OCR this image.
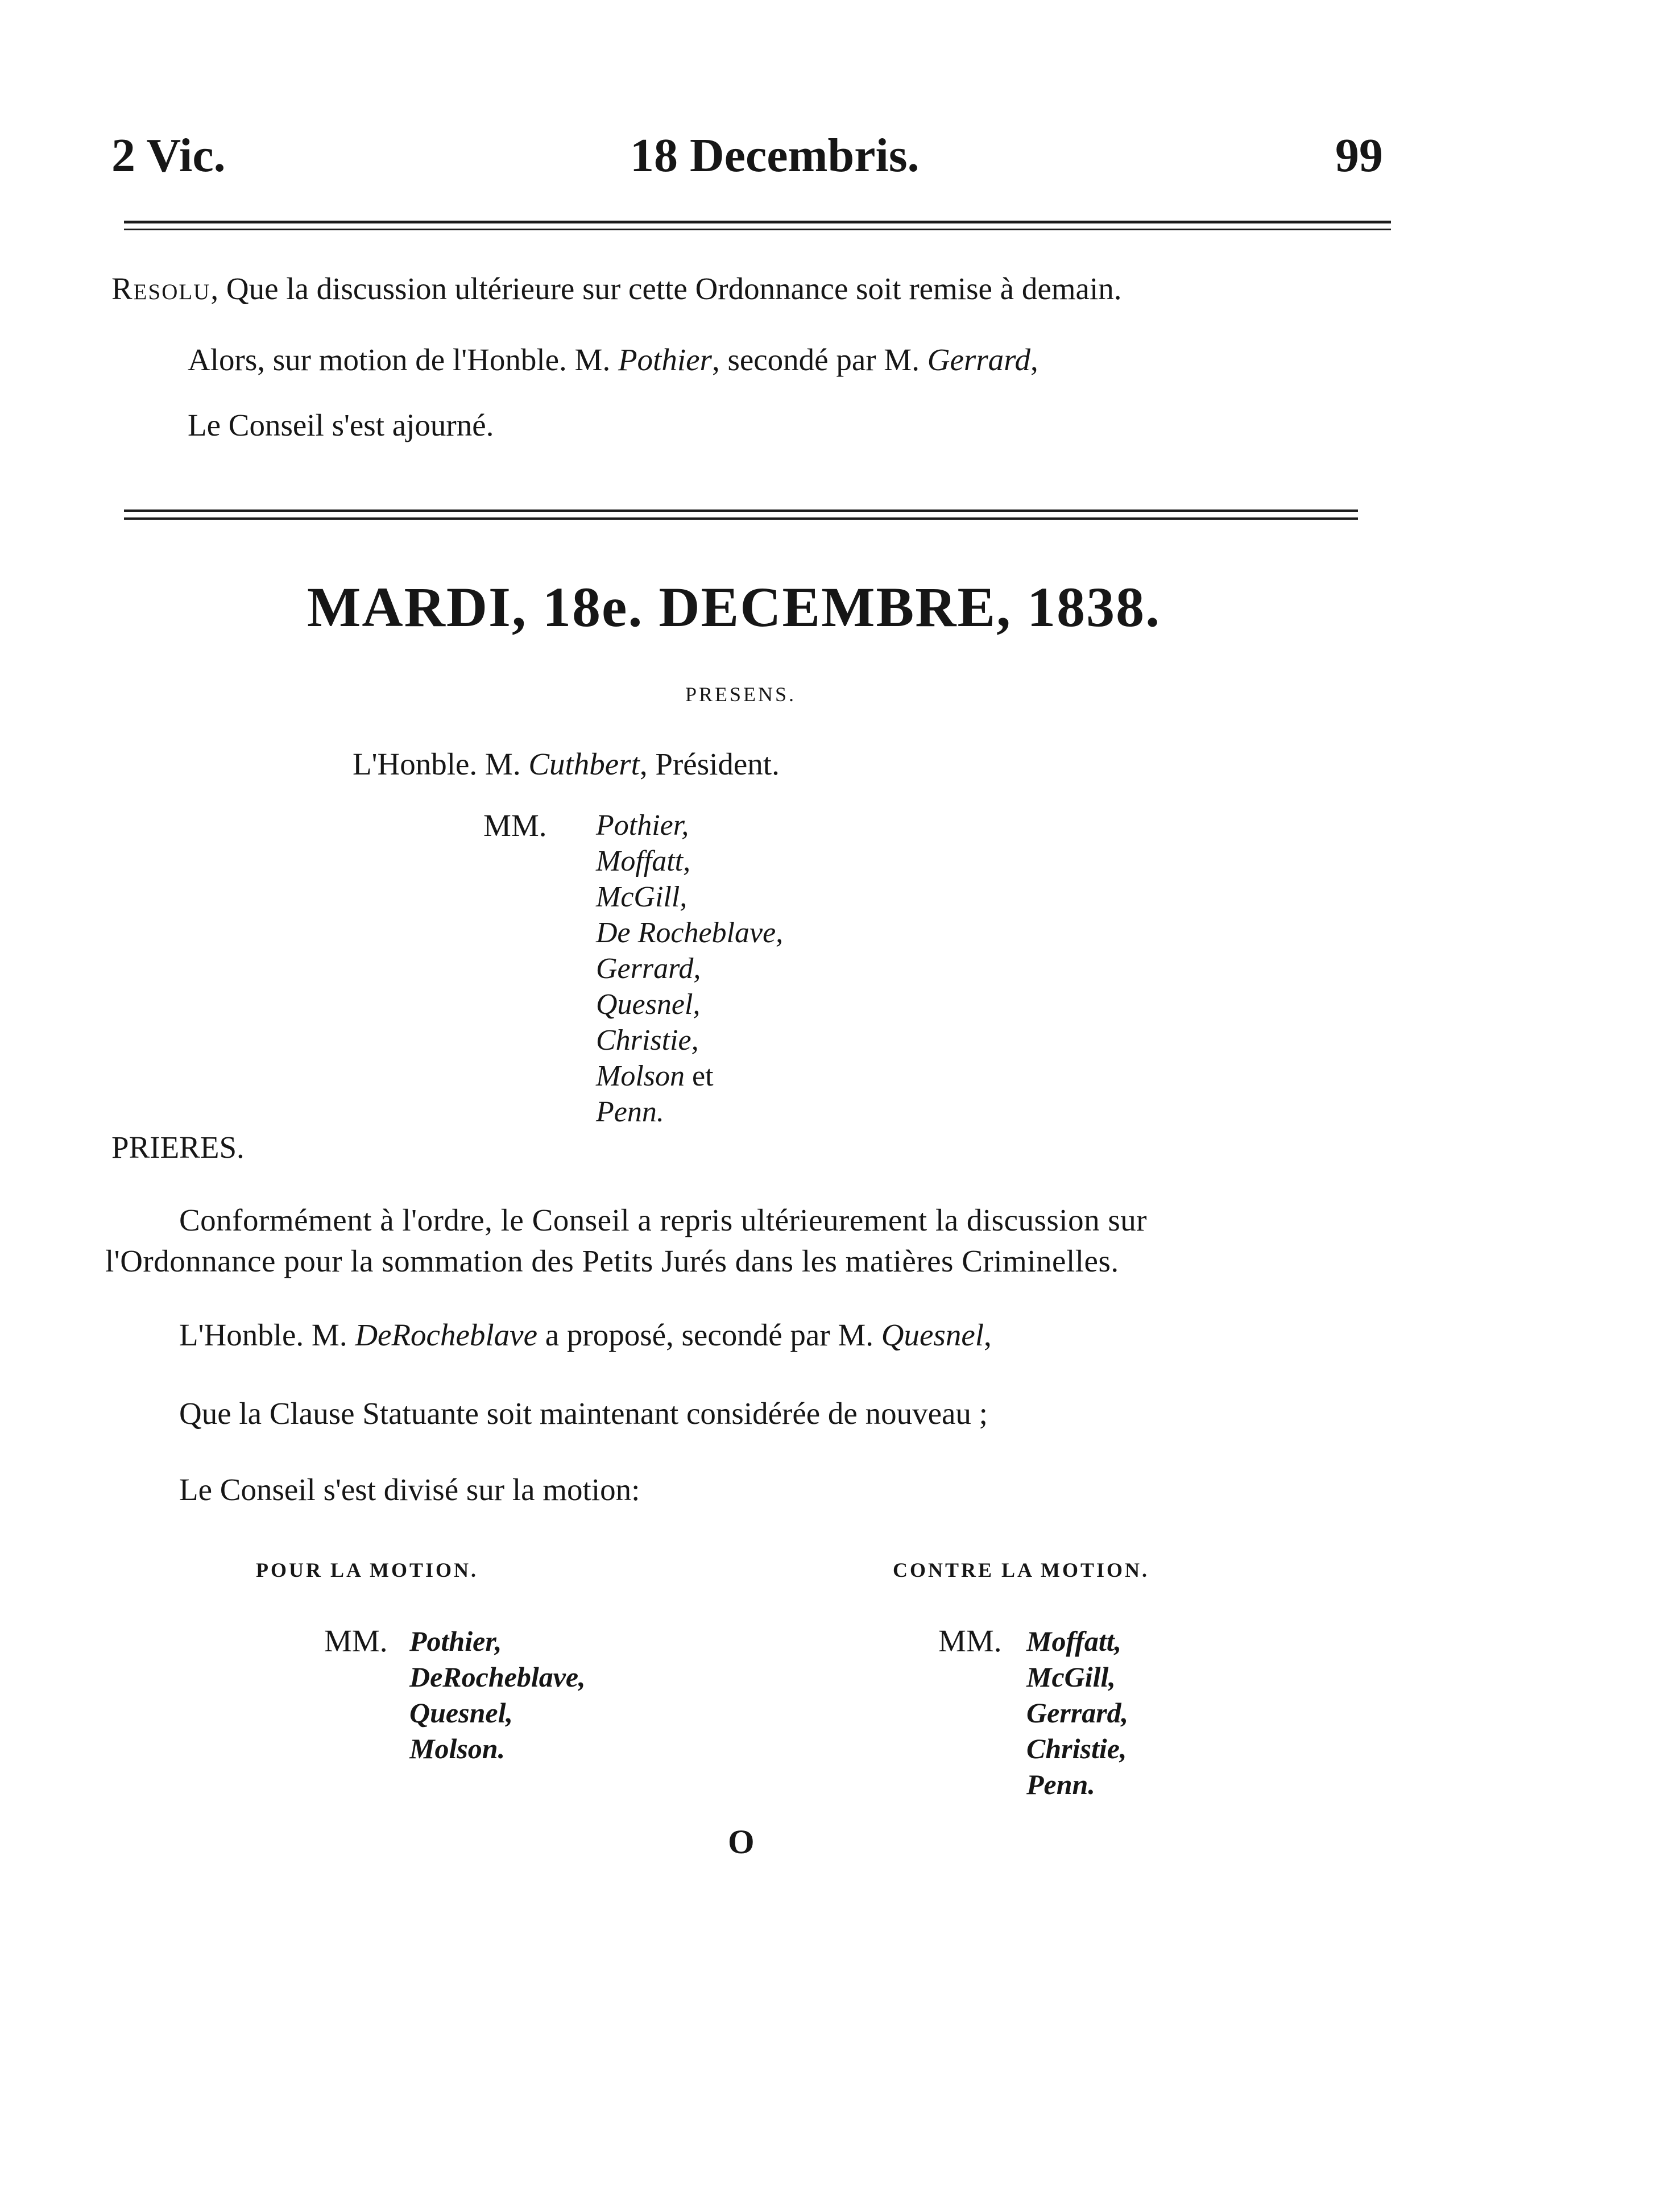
2 Vic.	18 Decembris.	99
Resolu, Que la discussion ultérieure sur cette Ordonnance soit remise à demain.
Alors, sur motion de l'Honble. M. Pothier, secondé par M. Gerrard,
Le Conseil s'est ajourné.
MARDI, 18e. DECEMBRE, 1838.
PRESENS.
L'Honble. M. Cuthbert, Président.
MM. Pothier,
Moffatt,
McGill,
De Rocheblave,
Gerrard,
Quesnel,
Christie,
Molson et
Penn.
PRIERES.
Conformément à l'ordre, le Conseil a repris ultérieurement la discussion sur
l'Ordonnance pour la sommation des Petits Jurés dans les matières Criminelles.
L'Honble. M. DeRocheblave a proposé, secondé par M. Quesnel,
Que la Clause Statuante soit maintenant considérée de nouveau ;
Le Conseil s'est divisé sur la motion:
POUR LA MOTION.	CONTRE LA MOTION.
MM. Pothier,
DeRocheblave,
Quesnel,
Molson.
MM. Moffatt,
McGill,
Gerrard,
Christie,
Penn.
O
